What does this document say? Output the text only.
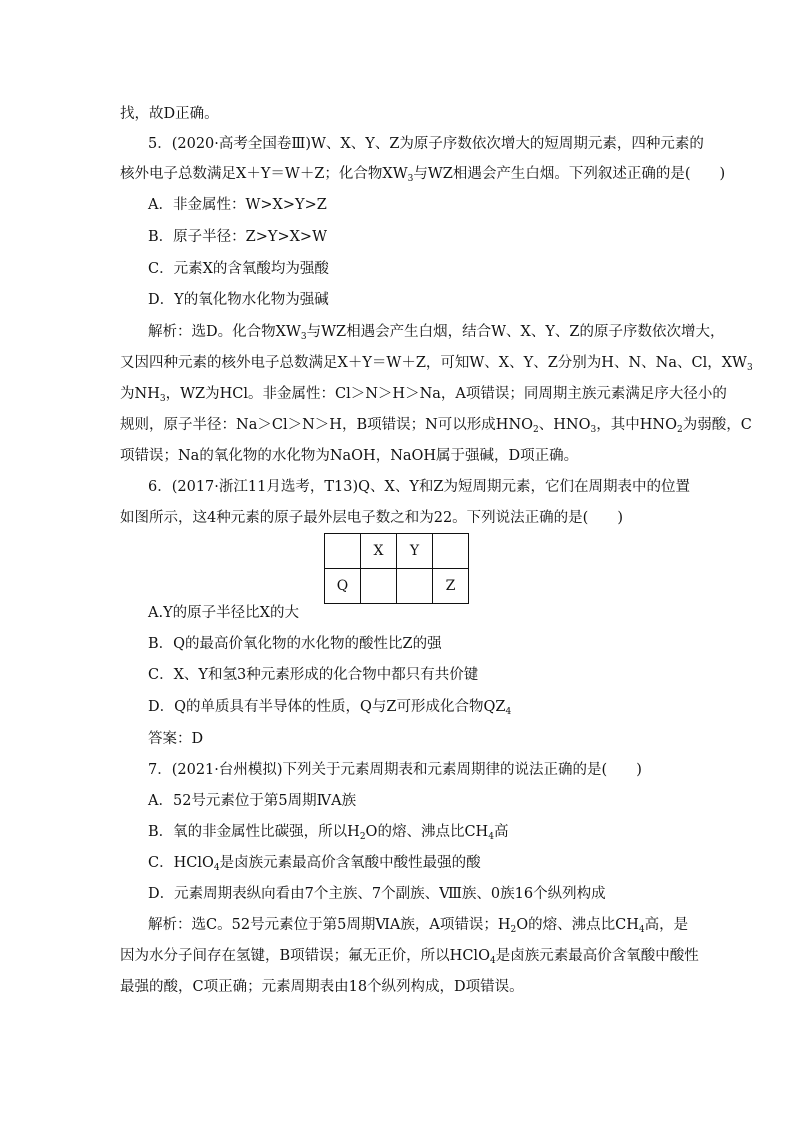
找，故D正确。
5．(2020·高考全国卷Ⅲ)W、X、Y、Z为原子序数依次增大的短周期元素，四种元素的
核外电子总数满足X＋Y＝W＋Z；化合物$XW_3$与WZ相遇会产生白烟。下列叙述正确的是(　　 )
A．非金属性：W>X>Y>Z
B．原子半径：Z>Y>X>W
C．元素X的含氧酸均为强酸
D．Y的氧化物水化物为强碱
解析：选D。化合物$XW_3$与WZ相遇会产生白烟，结合W、X、Y、Z的原子序数依次增大，
又因四种元素的核外电子总数满足X＋Y＝W＋Z，可知W、X、Y、Z分别为H、N、Na、Cl，$XW_3$
为$NH_3$，WZ为HCl。非金属性：Cl＞N＞H＞Na，A项错误；同周期主族元素满足序大径小的
规则，原子半径：Na＞Cl＞N＞H，B项错误；N可以形成$HNO_2$、$HNO_3$，其中$HNO_2$为弱酸，C
项错误；Na的氧化物的水化物为NaOH，NaOH属于强碱，D项正确。
6．(2017·浙江11月选考，T13)Q、X、Y和Z为短周期元素，它们在周期表中的位置
如图所示，这4种元素的原子最外层电子数之和为22。下列说法正确的是(　　)
	X	Y	
Q			Z
A.Y的原子半径比X的大
B．Q的最高价氧化物的水化物的酸性比Z的强
C．X、Y和氢3种元素形成的化合物中都只有共价键
D．Q的单质具有半导体的性质，Q与Z可形成化合物$QZ_4$
答案：D
7．(2021·台州模拟)下列关于元素周期表和元素周期律的说法正确的是(　　)
A．52号元素位于第5周期ⅣA族
B．氧的非金属性比碳强，所以$H_2O$的熔、沸点比$CH_4$高
C．HClO$_4$是卤族元素最高价含氧酸中酸性最强的酸
D．元素周期表纵向看由7个主族、7个副族、Ⅷ族、0族16个纵列构成
解析：选C。52号元素位于第5周期ⅥA族，A项错误；$H_2O$的熔、沸点比$CH_4$高，是
因为水分子间存在氢键，B项错误；氟无正价，所以HClO$_4$是卤族元素最高价含氧酸中酸性
最强的酸，C项正确；元素周期表由18个纵列构成，D项错误。
